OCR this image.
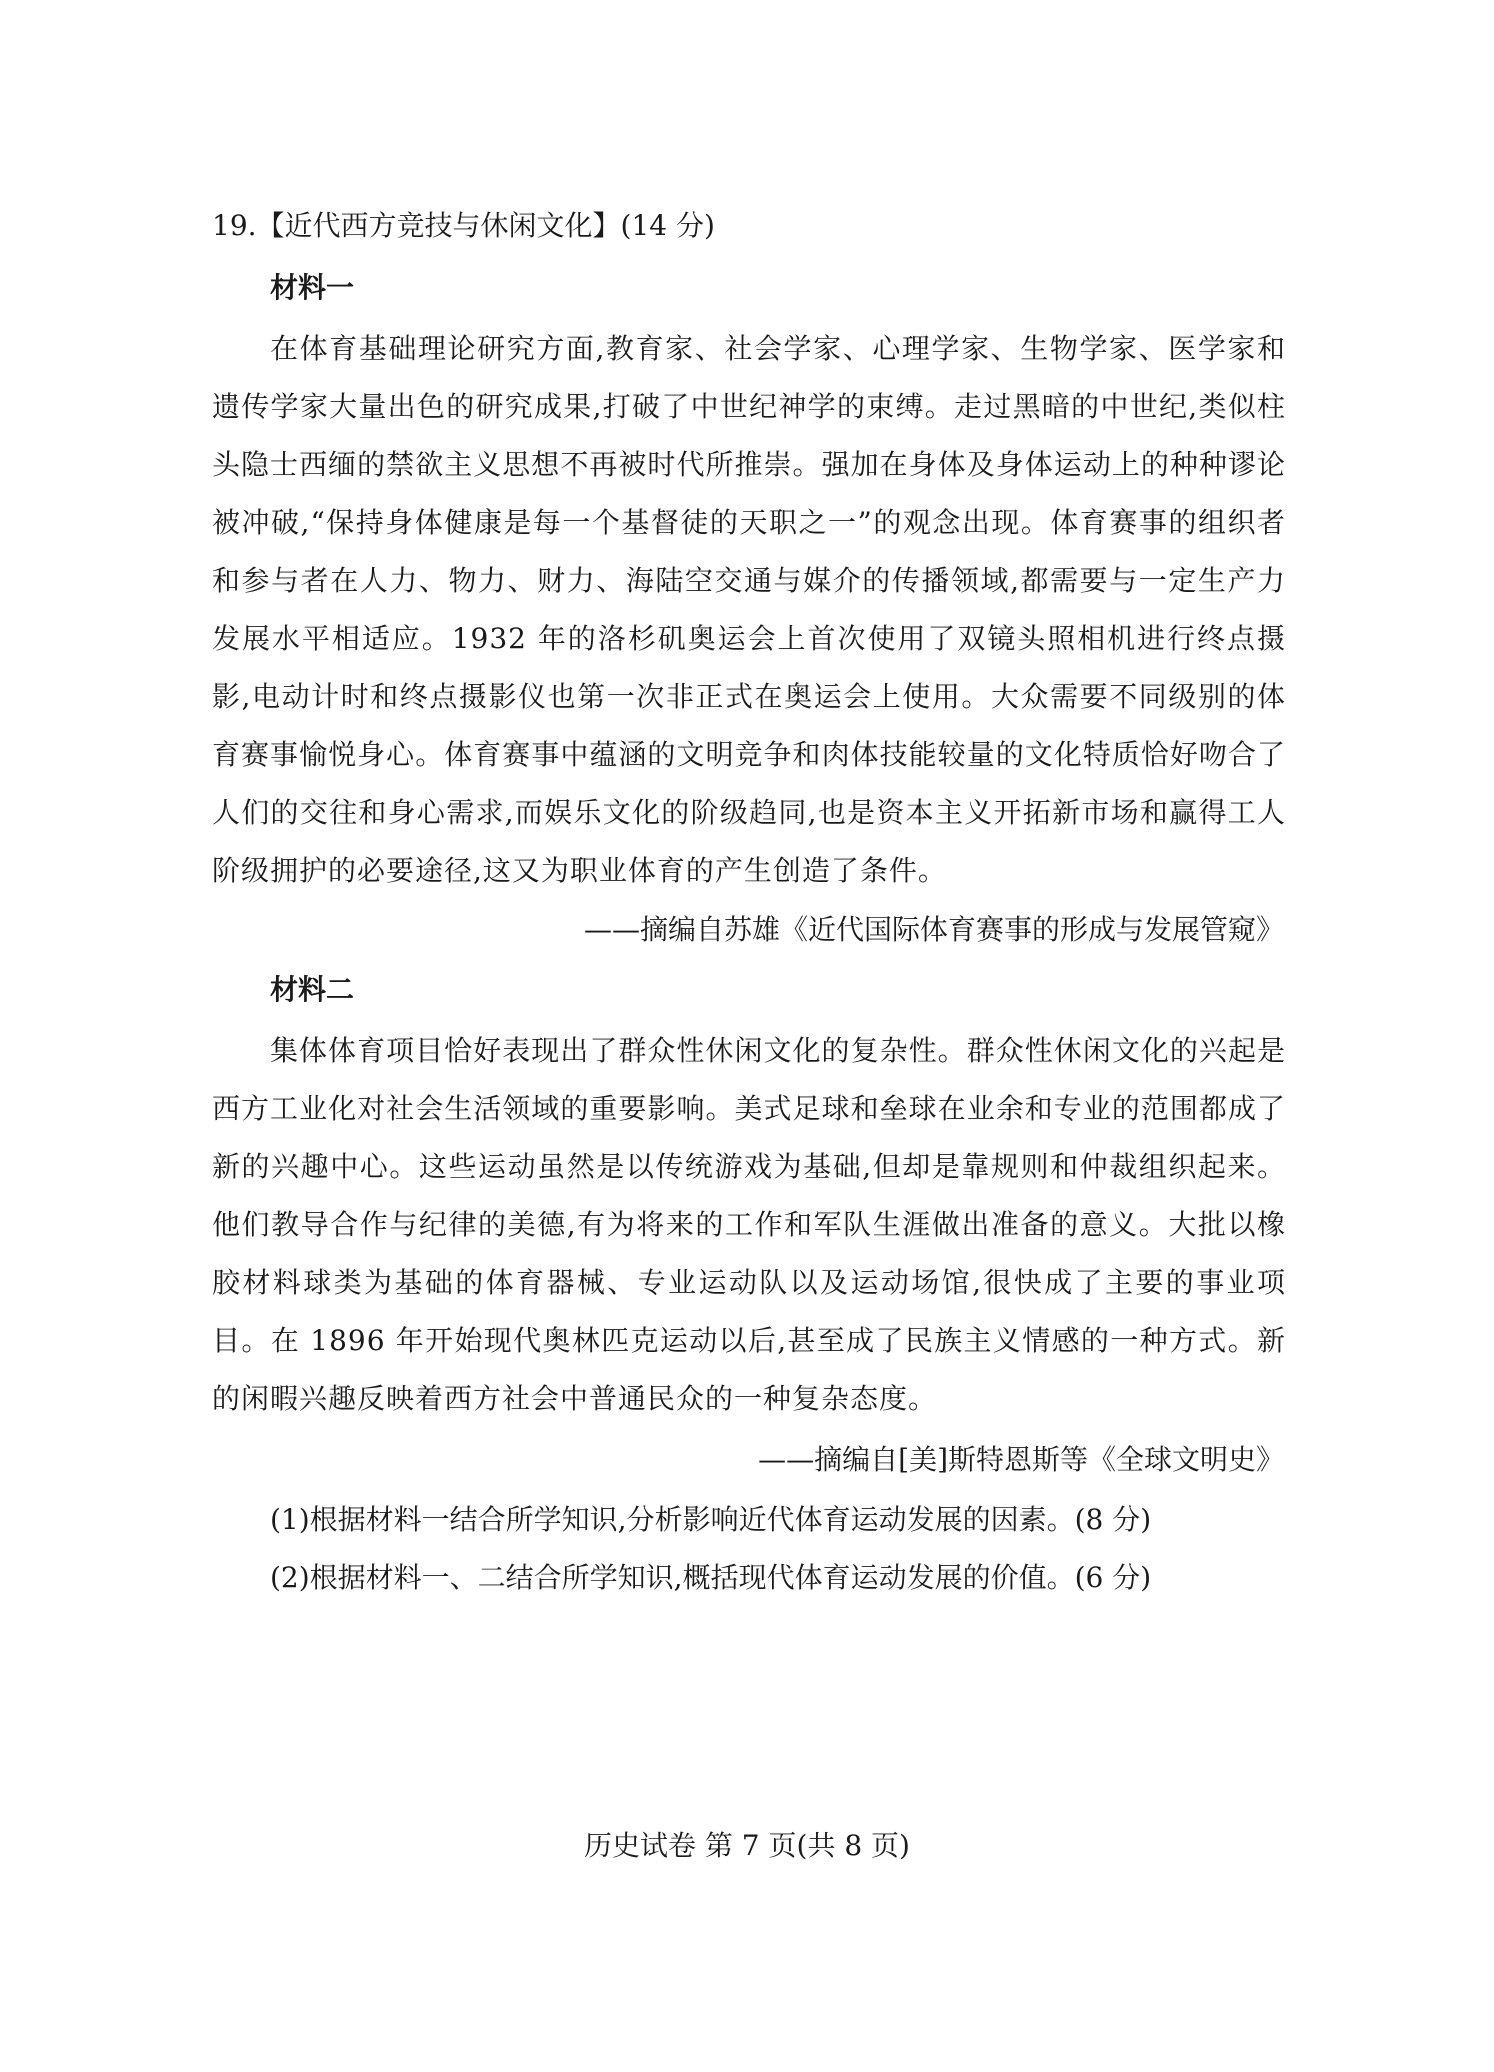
19.【近代西方竞技与休闲文化】(14 分)
材料一
在体育基础理论研究方面,教育家、社会学家、心理学家、生物学家、医学家和遗传学家大量出色的研究成果,打破了中世纪神学的束缚。走过黑暗的中世纪,类似柱头隐士西缅的禁欲主义思想不再被时代所推崇。强加在身体及身体运动上的种种谬论被冲破,“保持身体健康是每一个基督徒的天职之一”的观念出现。体育赛事的组织者和参与者在人力、物力、财力、海陆空交通与媒介的传播领域,都需要与一定生产力发展水平相适应。1932 年的洛杉矶奥运会上首次使用了双镜头照相机进行终点摄影,电动计时和终点摄影仪也第一次非正式在奥运会上使用。大众需要不同级别的体育赛事愉悦身心。体育赛事中蕴涵的文明竞争和肉体技能较量的文化特质恰好吻合了人们的交往和身心需求,而娱乐文化的阶级趋同,也是资本主义开拓新市场和赢得工人阶级拥护的必要途径,这又为职业体育的产生创造了条件。
——摘编自苏雄《近代国际体育赛事的形成与发展管窥》
材料二
集体体育项目恰好表现出了群众性休闲文化的复杂性。群众性休闲文化的兴起是西方工业化对社会生活领域的重要影响。美式足球和垒球在业余和专业的范围都成了新的兴趣中心。这些运动虽然是以传统游戏为基础,但却是靠规则和仲裁组织起来。他们教导合作与纪律的美德,有为将来的工作和军队生涯做出准备的意义。大批以橡胶材料球类为基础的体育器械、专业运动队以及运动场馆,很快成了主要的事业项目。在 1896 年开始现代奥林匹克运动以后,甚至成了民族主义情感的一种方式。新的闲暇兴趣反映着西方社会中普通民众的一种复杂态度。
——摘编自[美]斯特恩斯等《全球文明史》
(1)根据材料一结合所学知识,分析影响近代体育运动发展的因素。(8 分)
(2)根据材料一、二结合所学知识,概括现代体育运动发展的价值。(6 分)
历史试卷 第 7 页(共 8 页)
